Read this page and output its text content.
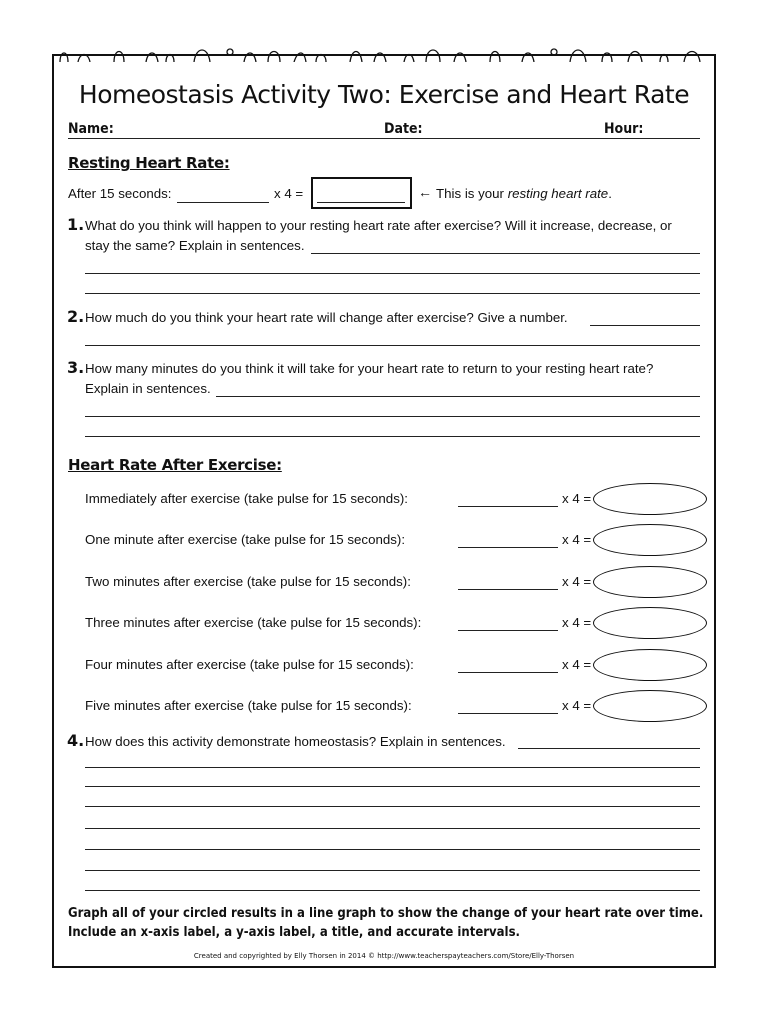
Homeostasis Activity Two: Exercise and Heart Rate
Name:	Date:	Hour:
Resting Heart Rate:
After 15 seconds:	x 4 =	← This is your resting heart rate.
1. What do you think will happen to your resting heart rate after exercise? Will it increase, decrease, or
stay the same? Explain in sentences.
2. How much do you think your heart rate will change after exercise? Give a number.
3. How many minutes do you think it will take for your heart rate to return to your resting heart rate?
Explain in sentences.
Heart Rate After Exercise:
Immediately after exercise (take pulse for 15 seconds):	x 4 =
One minute after exercise (take pulse for 15 seconds):	x 4 =
Two minutes after exercise (take pulse for 15 seconds):	x 4 =
Three minutes after exercise (take pulse for 15 seconds):	x 4 =
Four minutes after exercise (take pulse for 15 seconds):	x 4 =
Five minutes after exercise (take pulse for 15 seconds):	x 4 =
4. How does this activity demonstrate homeostasis? Explain in sentences.
Graph all of your circled results in a line graph to show the change of your heart rate over time. Include an x-axis label, a y-axis label, a title, and accurate intervals.
Created and copyrighted by Elly Thorsen in 2014 © http://www.teacherspayteachers.com/Store/Elly-Thorsen
